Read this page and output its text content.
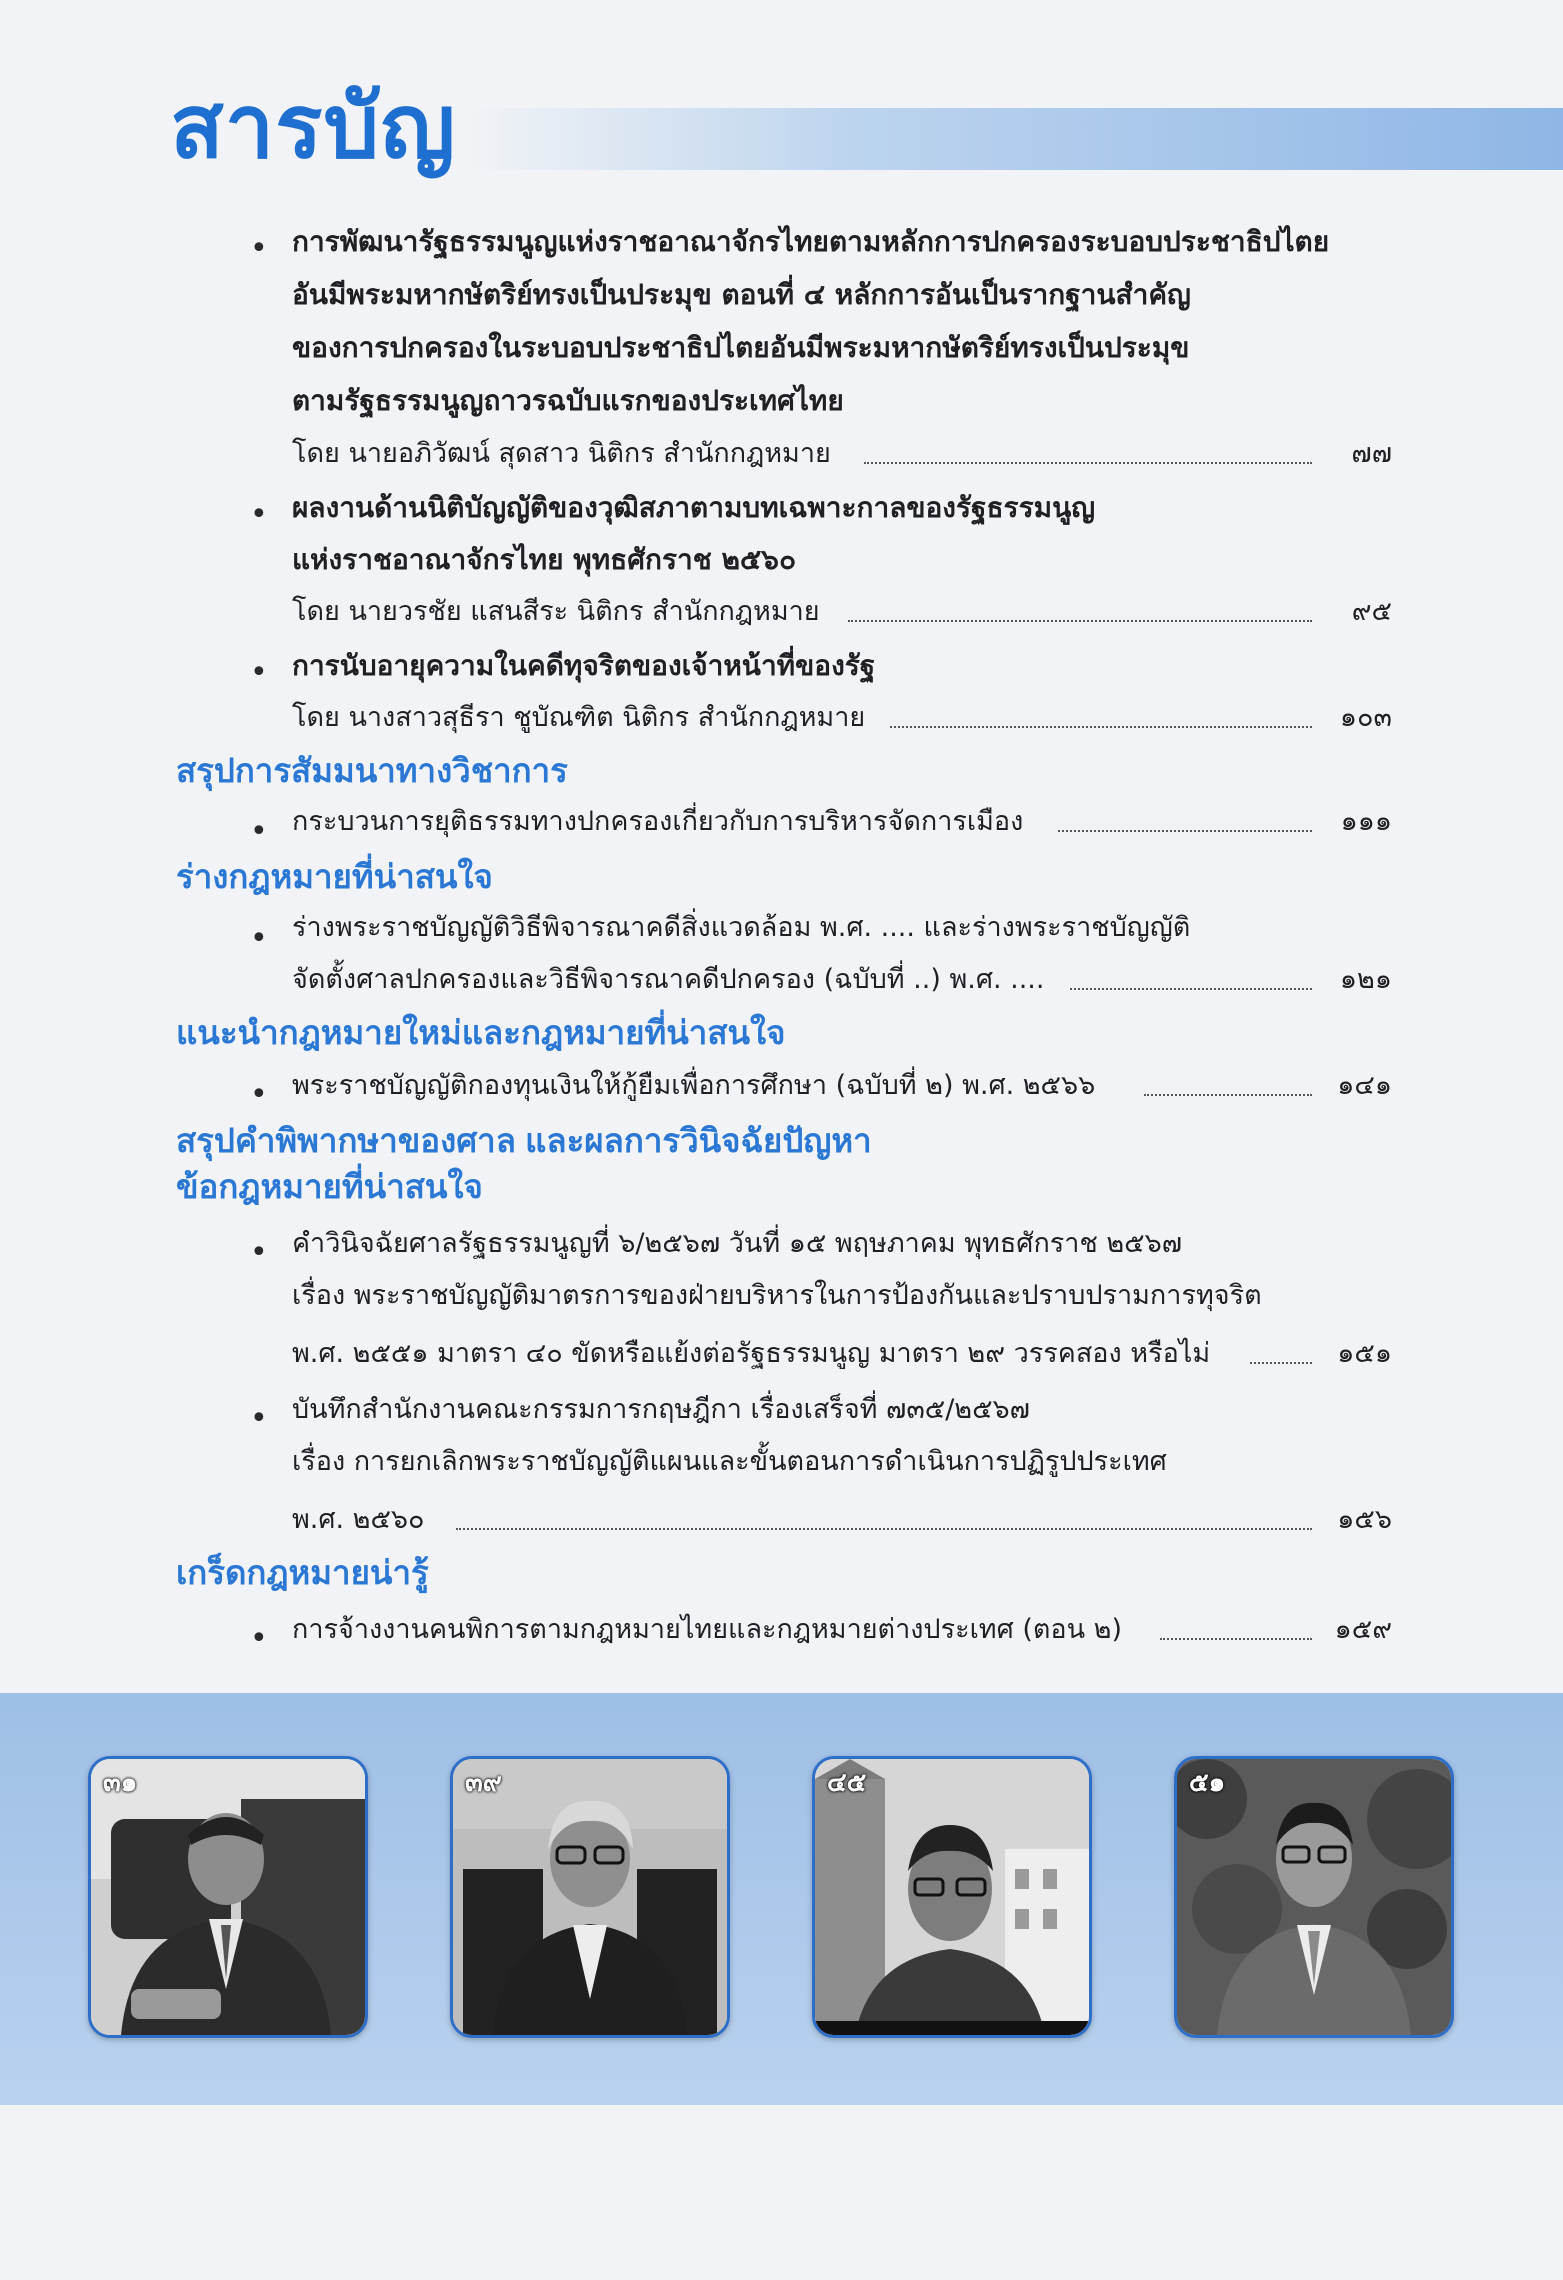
สารบัญ
• การพัฒนารัฐธรรมนูญแห่งราชอาณาจักรไทยตามหลักการปกครองระบอบประชาธิปไตย
อันมีพระมหากษัตริย์ทรงเป็นประมุข ตอนที่ ๔ หลักการอันเป็นรากฐานสำคัญ
ของการปกครองในระบอบประชาธิปไตยอันมีพระมหากษัตริย์ทรงเป็นประมุข
ตามรัฐธรรมนูญถาวรฉบับแรกของประเทศไทย
โดย นายอภิวัฒน์ สุดสาว นิติกร สำนักกฎหมาย	๗๗
• ผลงานด้านนิติบัญญัติของวุฒิสภาตามบทเฉพาะกาลของรัฐธรรมนูญ
แห่งราชอาณาจักรไทย พุทธศักราช ๒๕๖๐
โดย นายวรชัย แสนสีระ นิติกร สำนักกฎหมาย	๙๕
• การนับอายุความในคดีทุจริตของเจ้าหน้าที่ของรัฐ
โดย นางสาวสุธีรา ชูบัณฑิต นิติกร สำนักกฎหมาย	๑๐๓
สรุปการสัมมนาทางวิชาการ
• กระบวนการยุติธรรมทางปกครองเกี่ยวกับการบริหารจัดการเมือง	๑๑๑
ร่างกฎหมายที่น่าสนใจ
• ร่างพระราชบัญญัติวิธีพิจารณาคดีสิ่งแวดล้อม พ.ศ. .... และร่างพระราชบัญญัติ
จัดตั้งศาลปกครองและวิธีพิจารณาคดีปกครอง (ฉบับที่ ..) พ.ศ. ....	๑๒๑
แนะนำกฎหมายใหม่และกฎหมายที่น่าสนใจ
• พระราชบัญญัติกองทุนเงินให้กู้ยืมเพื่อการศึกษา (ฉบับที่ ๒) พ.ศ. ๒๕๖๖	๑๔๑
สรุปคำพิพากษาของศาล และผลการวินิจฉัยปัญหา
ข้อกฎหมายที่น่าสนใจ
• คำวินิจฉัยศาลรัฐธรรมนูญที่ ๖/๒๕๖๗ วันที่ ๑๕ พฤษภาคม พุทธศักราช ๒๕๖๗
เรื่อง พระราชบัญญัติมาตรการของฝ่ายบริหารในการป้องกันและปราบปรามการทุจริต
พ.ศ. ๒๕๕๑ มาตรา ๔๐ ขัดหรือแย้งต่อรัฐธรรมนูญ มาตรา ๒๙ วรรคสอง หรือไม่	๑๕๑
• บันทึกสำนักงานคณะกรรมการกฤษฎีกา เรื่องเสร็จที่ ๗๓๕/๒๕๖๗
เรื่อง การยกเลิกพระราชบัญญัติแผนและขั้นตอนการดำเนินการปฏิรูปประเทศ
พ.ศ. ๒๕๖๐	๑๕๖
เกร็ดกฎหมายน่ารู้
• การจ้างงานคนพิการตามกฎหมายไทยและกฎหมายต่างประเทศ (ตอน ๒)	๑๕๙
๓๑	๓๙	๔๕	๕๑
